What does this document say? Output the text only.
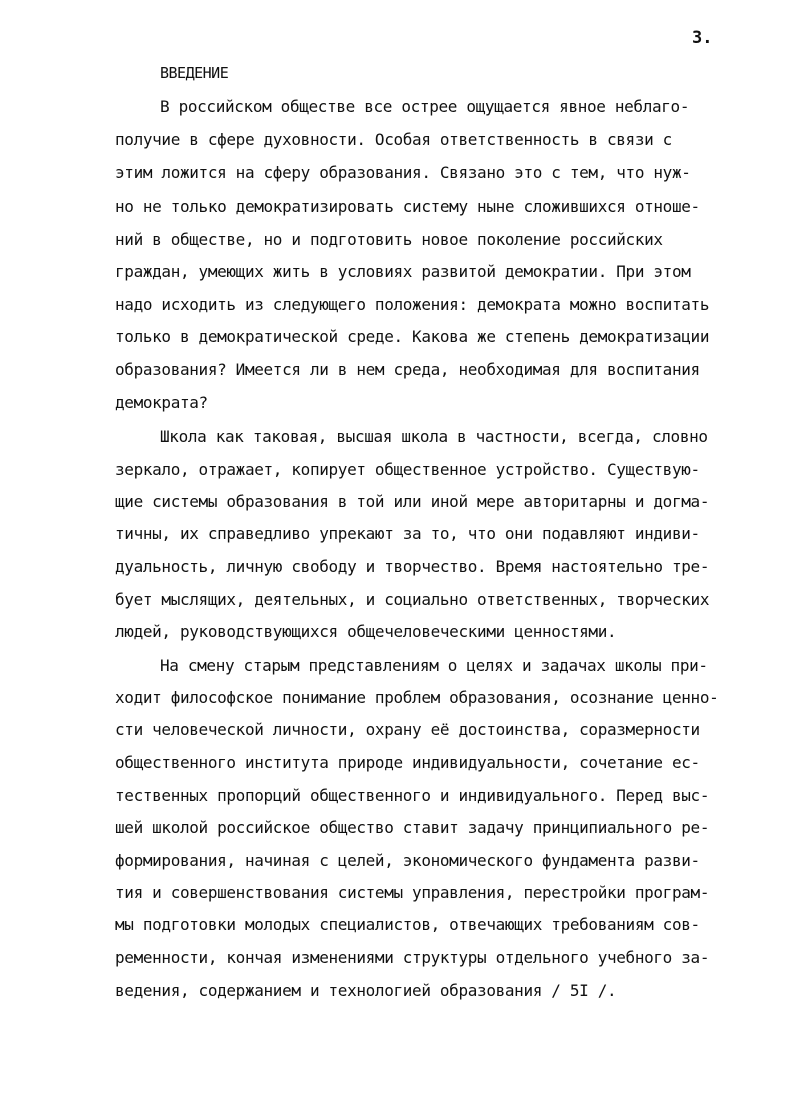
3.
ВВЕДЕНИЕ
В российском обществе все острее ощущается явное неблаго-
получие в сфере духовности. Особая ответственность в связи с
этим ложится на сферу образования. Связано это с тем, что нуж-
но не только демократизировать систему ныне сложившихся отноше-
ний в обществе, но и подготовить новое поколение российских
граждан, умеющих жить в условиях развитой демократии. При этом
надо исходить из следующего положения: демократа можно воспитать
только в демократической среде. Какова же степень демократизации
образования? Имеется ли в нем среда, необходимая для воспитания
демократа?
Школа как таковая, высшая школа в частности, всегда, словно
зеркало, отражает, копирует общественное устройство. Существую-
щие системы образования в той или иной мере авторитарны и догма-
тичны, их справедливо упрекают за то, что они подавляют индиви-
дуальность, личную свободу и творчество. Время настоятельно тре-
бует мыслящих, деятельных, и социально ответственных, творческих
людей, руководствующихся общечеловеческими ценностями.
На смену старым представлениям о целях и задачах школы при-
ходит философское понимание проблем образования, осознание ценно-
сти человеческой личности, охрану её достоинства, соразмерности
общественного института природе индивидуальности, сочетание ес-
тественных пропорций общественного и индивидуального. Перед выс-
шей школой российское общество ставит задачу принципиального ре-
формирования, начиная с целей, экономического фундамента разви-
тия и совершенствования системы управления, перестройки програм-
мы подготовки молодых специалистов, отвечающих требованиям сов-
ременности, кончая изменениями структуры отдельного учебного за-
ведения, содержанием и технологией образования / 5I /.
